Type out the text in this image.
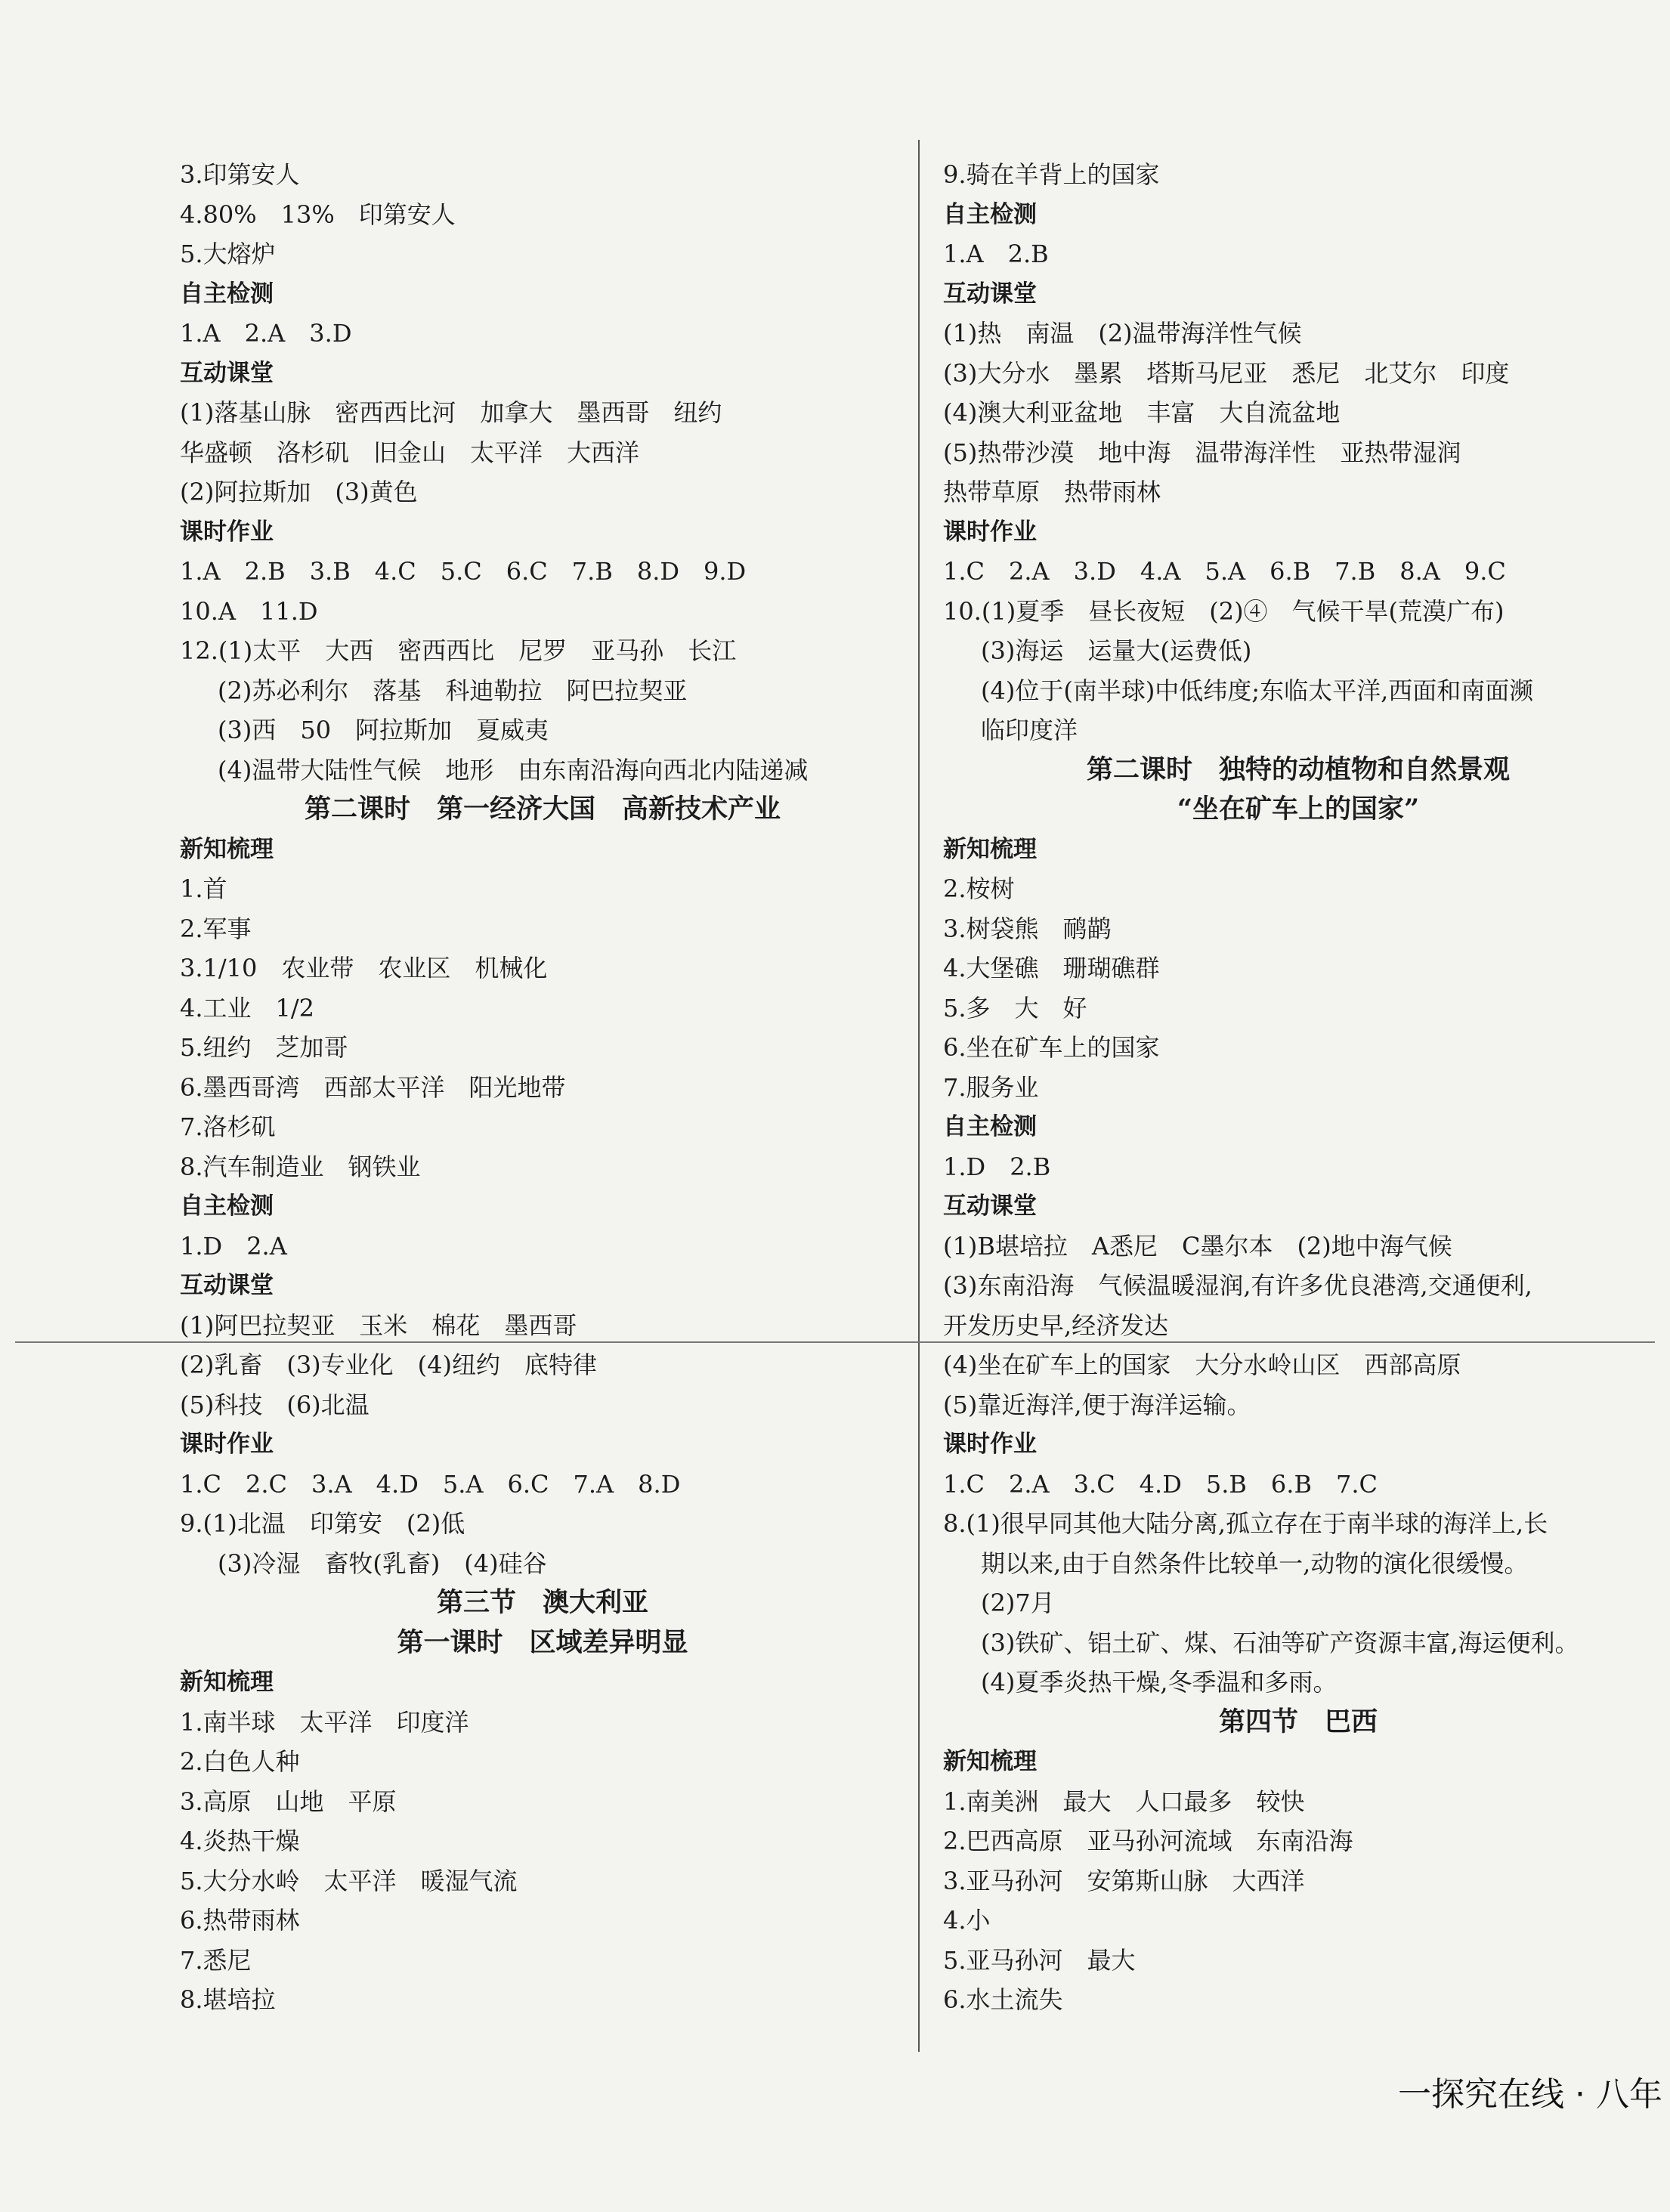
3.印第安人
4.80%　13%　印第安人
5.大熔炉
自主检测
1.A　2.A　3.D
互动课堂
(1)落基山脉　密西西比河　加拿大　墨西哥　纽约
华盛顿　洛杉矶　旧金山　太平洋　大西洋
(2)阿拉斯加　(3)黄色
课时作业
1.A　2.B　3.B　4.C　5.C　6.C　7.B　8.D　9.D
10.A　11.D
12.(1)太平　大西　密西西比　尼罗　亚马孙　长江
(2)苏必利尔　落基　科迪勒拉　阿巴拉契亚
(3)西　50　阿拉斯加　夏威夷
(4)温带大陆性气候　地形　由东南沿海向西北内陆递减
第二课时　第一经济大国　高新技术产业
新知梳理
1.首
2.军事
3.1/10　农业带　农业区　机械化
4.工业　1/2
5.纽约　芝加哥
6.墨西哥湾　西部太平洋　阳光地带
7.洛杉矶
8.汽车制造业　钢铁业
自主检测
1.D　2.A
互动课堂
(1)阿巴拉契亚　玉米　棉花　墨西哥
(2)乳畜　(3)专业化　(4)纽约　底特律
(5)科技　(6)北温
课时作业
1.C　2.C　3.A　4.D　5.A　6.C　7.A　8.D
9.(1)北温　印第安　(2)低
(3)冷湿　畜牧(乳畜)　(4)硅谷
第三节　澳大利亚
第一课时　区域差异明显
新知梳理
1.南半球　太平洋　印度洋
2.白色人种
3.高原　山地　平原
4.炎热干燥
5.大分水岭　太平洋　暖湿气流
6.热带雨林
7.悉尼
8.堪培拉
9.骑在羊背上的国家
自主检测
1.A　2.B
互动课堂
(1)热　南温　(2)温带海洋性气候
(3)大分水　墨累　塔斯马尼亚　悉尼　北艾尔　印度
(4)澳大利亚盆地　丰富　大自流盆地
(5)热带沙漠　地中海　温带海洋性　亚热带湿润
热带草原　热带雨林
课时作业
1.C　2.A　3.D　4.A　5.A　6.B　7.B　8.A　9.C
10.(1)夏季　昼长夜短　(2)④　气候干旱(荒漠广布)
(3)海运　运量大(运费低)
(4)位于(南半球)中低纬度;东临太平洋,西面和南面濒
临印度洋
第二课时　独特的动植物和自然景观
“坐在矿车上的国家”
新知梳理
2.桉树
3.树袋熊　鸸鹋
4.大堡礁　珊瑚礁群
5.多　大　好
6.坐在矿车上的国家
7.服务业
自主检测
1.D　2.B
互动课堂
(1)B堪培拉　A悉尼　C墨尔本　(2)地中海气候
(3)东南沿海　气候温暖湿润,有许多优良港湾,交通便利,
开发历史早,经济发达
(4)坐在矿车上的国家　大分水岭山区　西部高原
(5)靠近海洋,便于海洋运输。
课时作业
1.C　2.A　3.C　4.D　5.B　6.B　7.C
8.(1)很早同其他大陆分离,孤立存在于南半球的海洋上,长
期以来,由于自然条件比较单一,动物的演化很缓慢。
(2)7月
(3)铁矿、铝土矿、煤、石油等矿产资源丰富,海运便利。
(4)夏季炎热干燥,冬季温和多雨。
第四节　巴西
新知梳理
1.南美洲　最大　人口最多　较快
2.巴西高原　亚马孙河流域　东南沿海
3.亚马孙河　安第斯山脉　大西洋
4.小
5.亚马孙河　最大
6.水土流失
一探究在线 · 八年
